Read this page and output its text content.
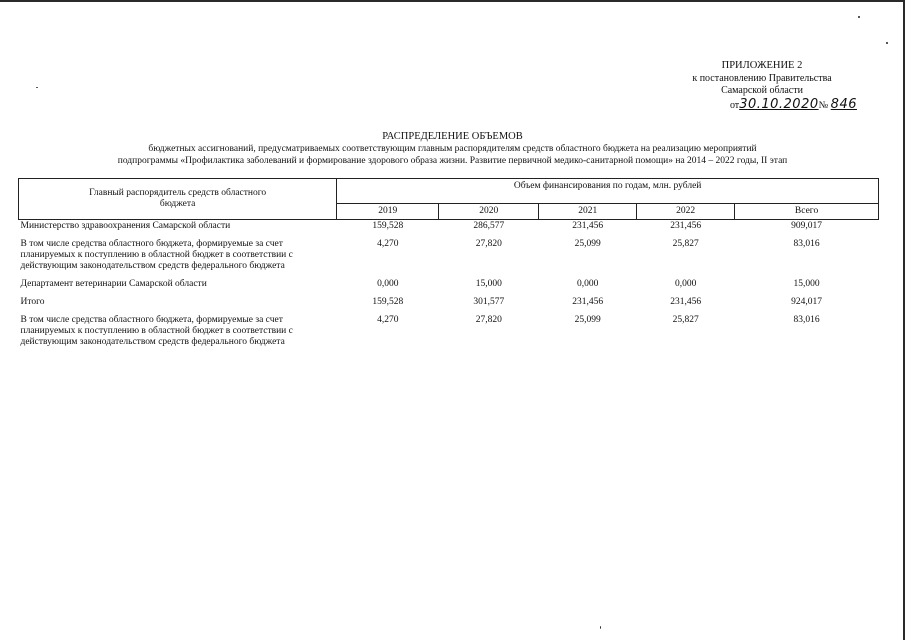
ПРИЛОЖЕНИЕ 2
к постановлению Правительства
Самарской области
от30.10.2020№ 846
РАСПРЕДЕЛЕНИЕ ОБЪЕМОВ
бюджетных ассигнований, предусматриваемых соответствующим главным распорядителям средств областного бюджета на реализацию мероприятий
подпрограммы «Профилактика заболеваний и формирование здорового образа жизни. Развитие первичной медико-санитарной помощи» на 2014 – 2022 годы, II этап
Главный распорядитель средств областного бюджета	Объем финансирования по годам, млн. рублей				
	2019	2020	2021	2022	Всего
Министерство здравоохранения Самарской области	159,528	286,577	231,456	231,456	909,017
В том числе средства областного бюджета, формируемые за счет планируемых к поступлению в областной бюджет в соответствии с действующим законодательством средств федерального бюджета	4,270	27,820	25,099	25,827	83,016
Департамент ветеринарии Самарской области	0,000	15,000	0,000	0,000	15,000
Итого	159,528	301,577	231,456	231,456	924,017
В том числе средства областного бюджета, формируемые за счет планируемых к поступлению в областной бюджет в соответствии с действующим законодательством средств федерального бюджета	4,270	27,820	25,099	25,827	83,016
